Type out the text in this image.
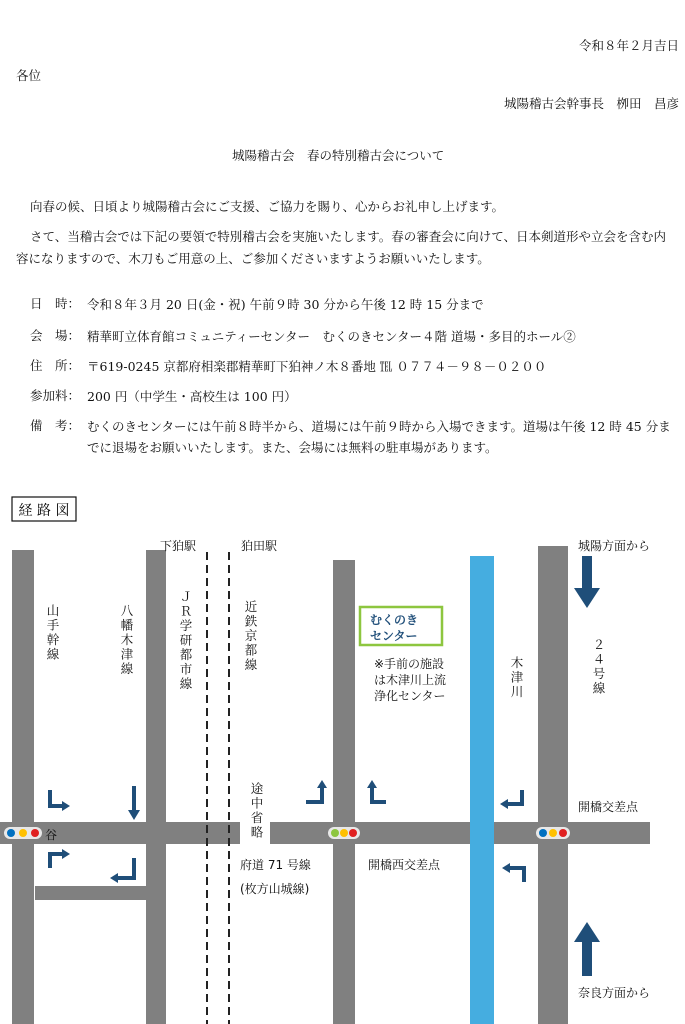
令和８年２月吉日
各位
城陽稽古会幹事長　栁田　昌彦
城陽稽古会　春の特別稽古会について

向春の候、日頃より城陽稽古会にご支援、ご協力を賜り、心からお礼申し上げます。

さて、当稽古会では下記の要領で特別稽古会を実施いたします。春の審査会に向けて、日本剣道形や立会を含む内容になりますので、木刀もご用意の上、ご参加くださいますようお願いいたします。

日　時： 令和８年３月 20 日(金・祝) 午前９時 30 分から午後 12 時 15 分まで
会　場： 精華町立体育館コミュニティーセンター　むくのきセンター４階 道場・多目的ホール②
住　所： 〒619-0245 京都府相楽郡精華町下狛神ノ木８番地 ℡ ０７７４－９８－０２００
参加料： 200 円（中学生・高校生は 100 円）
備　考： むくのきセンターには午前８時半から、道場には午前９時から入場できます。道場は午後 12 時 45 分までに退場をお願いいたします。また、会場には無料の駐車場があります。
経 路 図
下狛駅	狛田駅	城陽方面から
山手幹線	八幡木津線	ＪＲ学研都市線	近鉄京都線
木津川	２４号線
途中省略
むくのき
センター
※手前の施設
は木津川上流
浄化センター
谷
府道 71 号線
(枚方山城線)
開橋西交差点
開橋交差点
奈良方面から
